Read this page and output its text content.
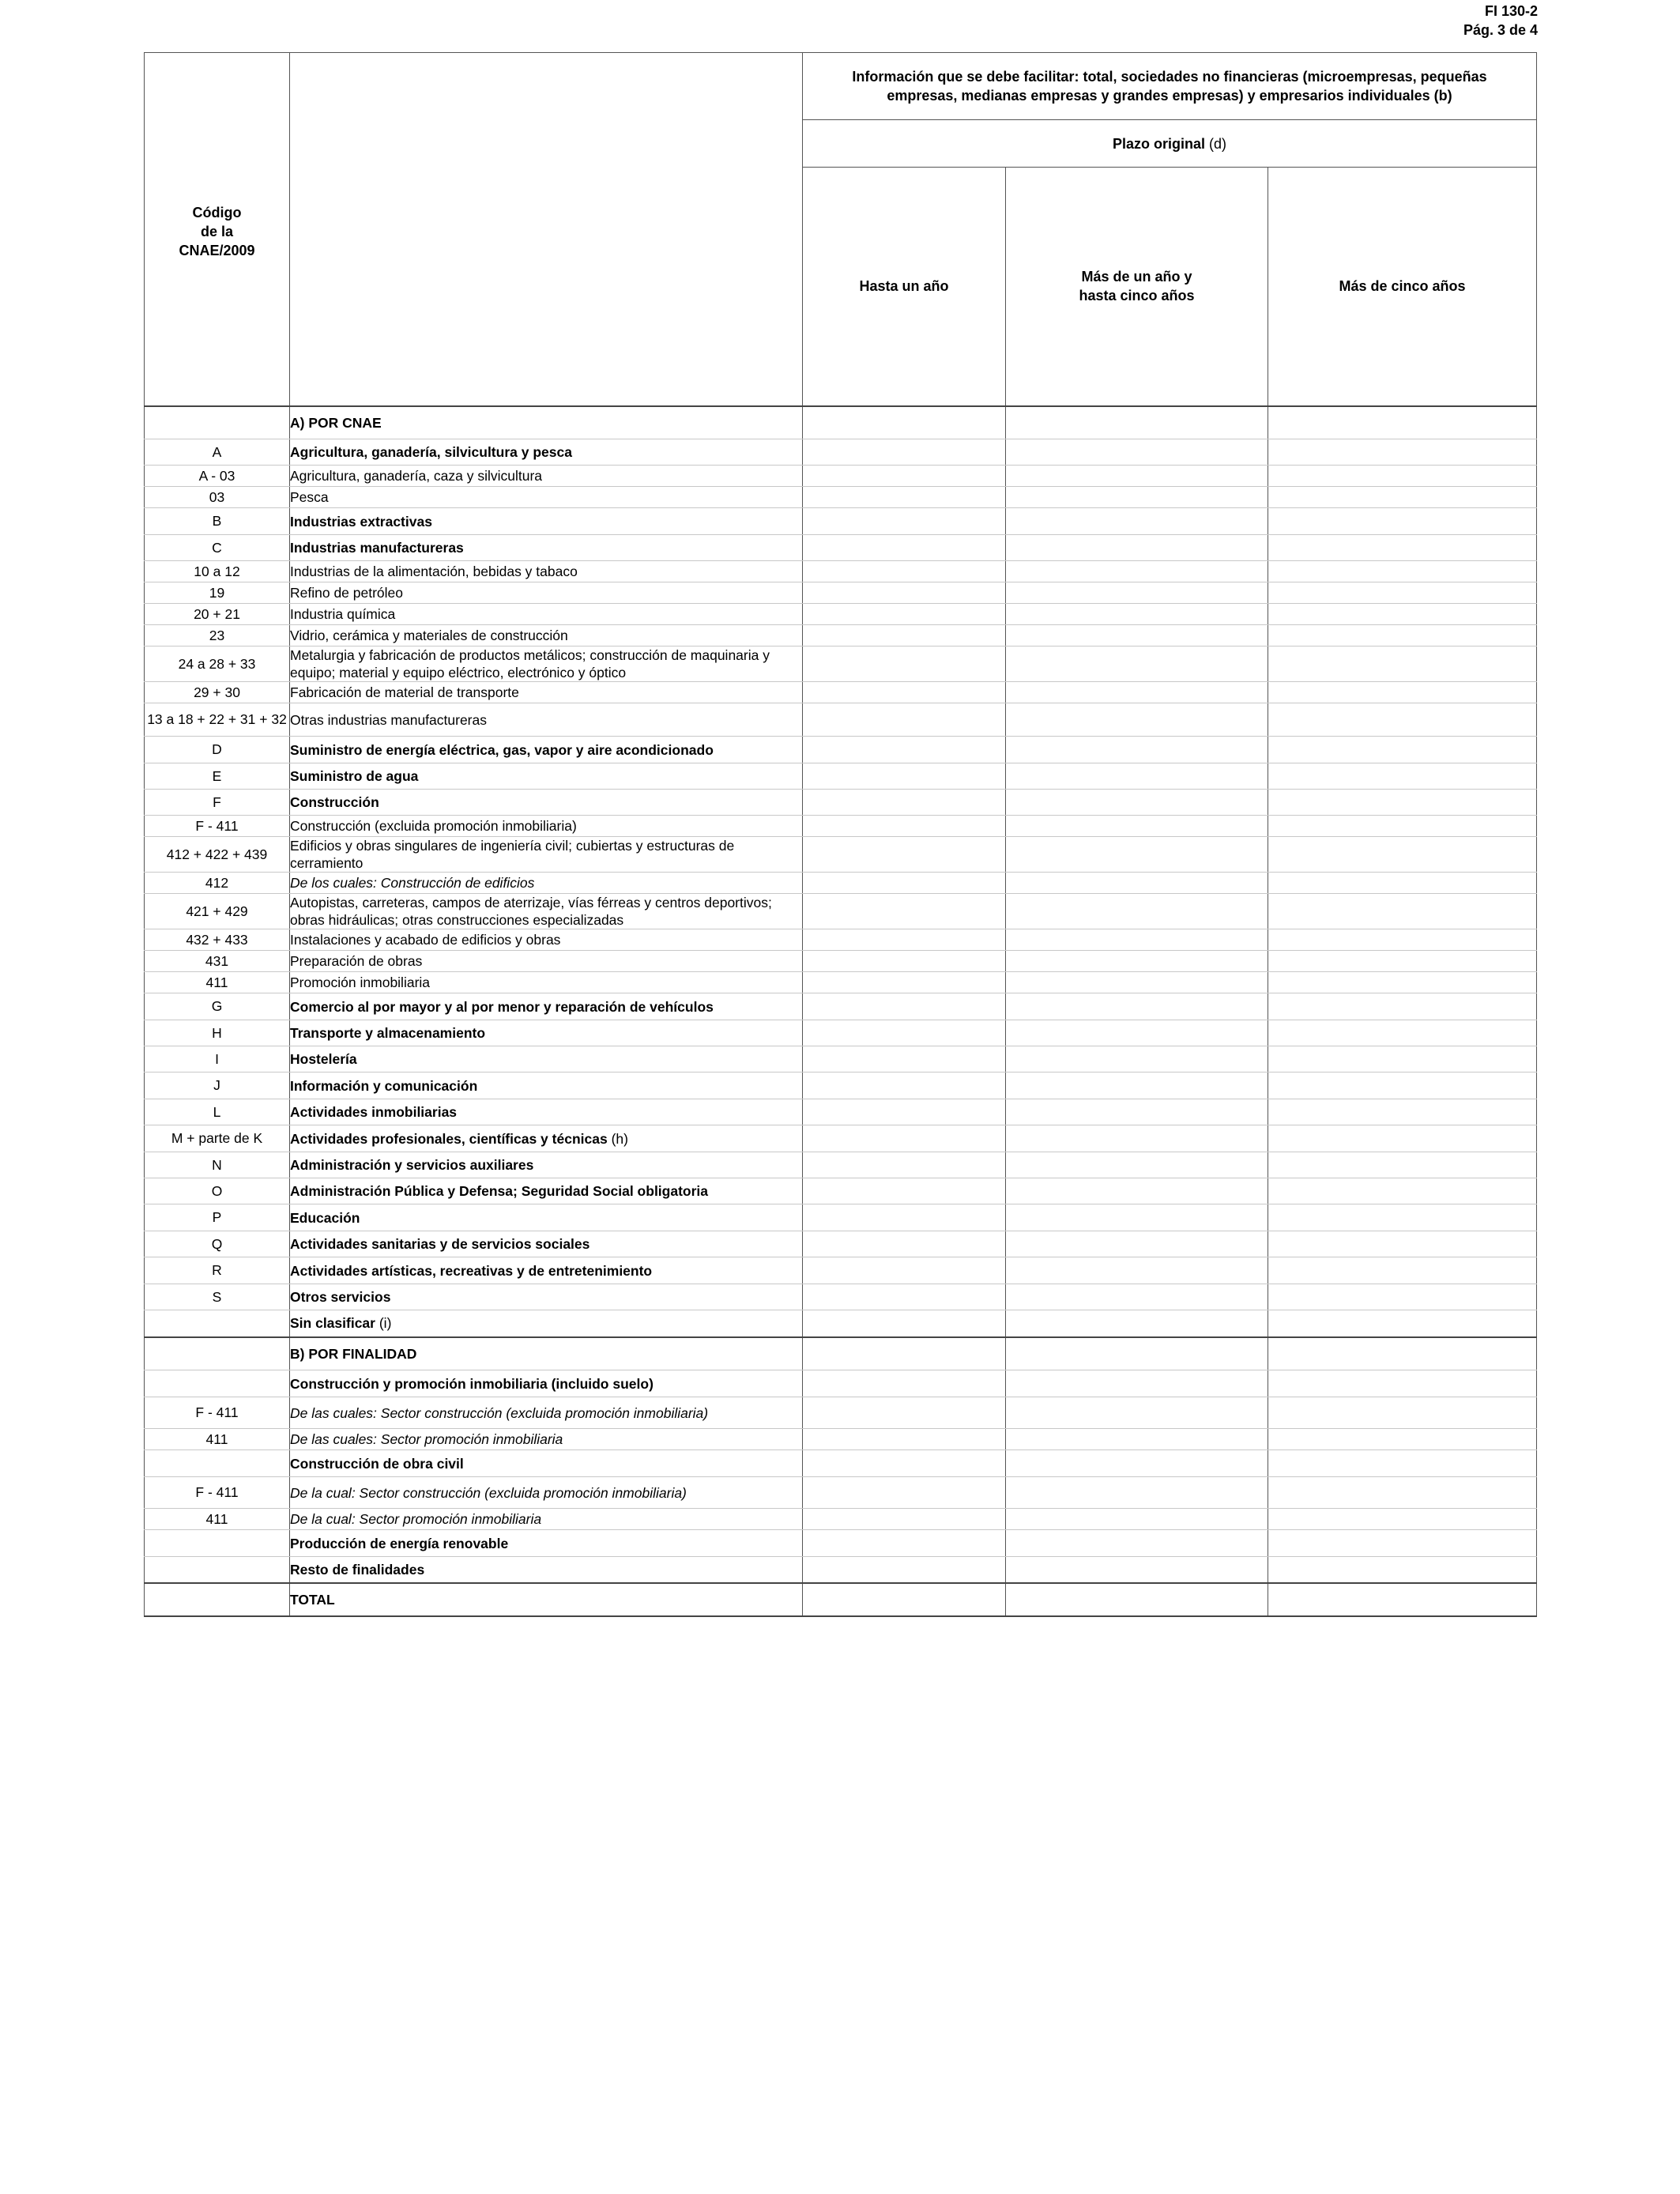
FI 130-2
Pág. 3 de 4
Código
de la
CNAE/2009		Información que se debe facilitar: total, sociedades no financieras (microempresas, pequeñas empresas, medianas empresas y grandes empresas) y empresarios individuales (b)		
		Plazo original (d)		
		Hasta un año	Más de un año y
hasta cinco años	Más de cinco años
	A) POR CNAE			
A	Agricultura, ganadería, silvicultura y pesca			
A - 03	Agricultura, ganadería, caza y silvicultura			
03	Pesca			
B	Industrias extractivas			
C	Industrias manufactureras			
10 a 12	Industrias de la alimentación, bebidas y tabaco			
19	Refino de petróleo			
20 + 21	Industria química			
23	Vidrio, cerámica y materiales de construcción			
24 a 28 + 33	Metalurgia y fabricación de productos metálicos; construcción de maquinaria y equipo; material y equipo eléctrico, electrónico y óptico			
29 + 30	Fabricación de material de transporte			
13 a 18 + 22 + 31 + 32	Otras industrias manufactureras			
D	Suministro de energía eléctrica, gas, vapor y aire acondicionado			
E	Suministro de agua			
F	Construcción			
F - 411	Construcción (excluida promoción inmobiliaria)			
412 + 422 + 439	Edificios y obras singulares de ingeniería civil; cubiertas y estructuras de cerramiento			
412	De los cuales: Construcción de edificios			
421 + 429	Autopistas, carreteras, campos de aterrizaje, vías férreas y centros deportivos; obras hidráulicas; otras construcciones especializadas			
432 + 433	Instalaciones y acabado de edificios y obras			
431	Preparación de obras			
411	Promoción inmobiliaria			
G	Comercio al por mayor y al por menor y reparación de vehículos			
H	Transporte y almacenamiento			
I	Hostelería			
J	Información y comunicación			
L	Actividades inmobiliarias			
M + parte de K	Actividades profesionales, científicas y técnicas (h)			
N	Administración y servicios auxiliares			
O	Administración Pública y Defensa; Seguridad Social obligatoria			
P	Educación			
Q	Actividades sanitarias y de servicios sociales			
R	Actividades artísticas, recreativas y de entretenimiento			
S	Otros servicios			
	Sin clasificar (i)			
	B) POR FINALIDAD			
	Construcción y promoción inmobiliaria (incluido suelo)			
F - 411	De las cuales: Sector construcción (excluida promoción inmobiliaria)			
411	De las cuales: Sector promoción inmobiliaria			
	Construcción de obra civil			
F - 411	De la cual: Sector construcción (excluida promoción inmobiliaria)			
411	De la cual: Sector promoción inmobiliaria			
	Producción de energía renovable			
	Resto de finalidades			
	TOTAL			
